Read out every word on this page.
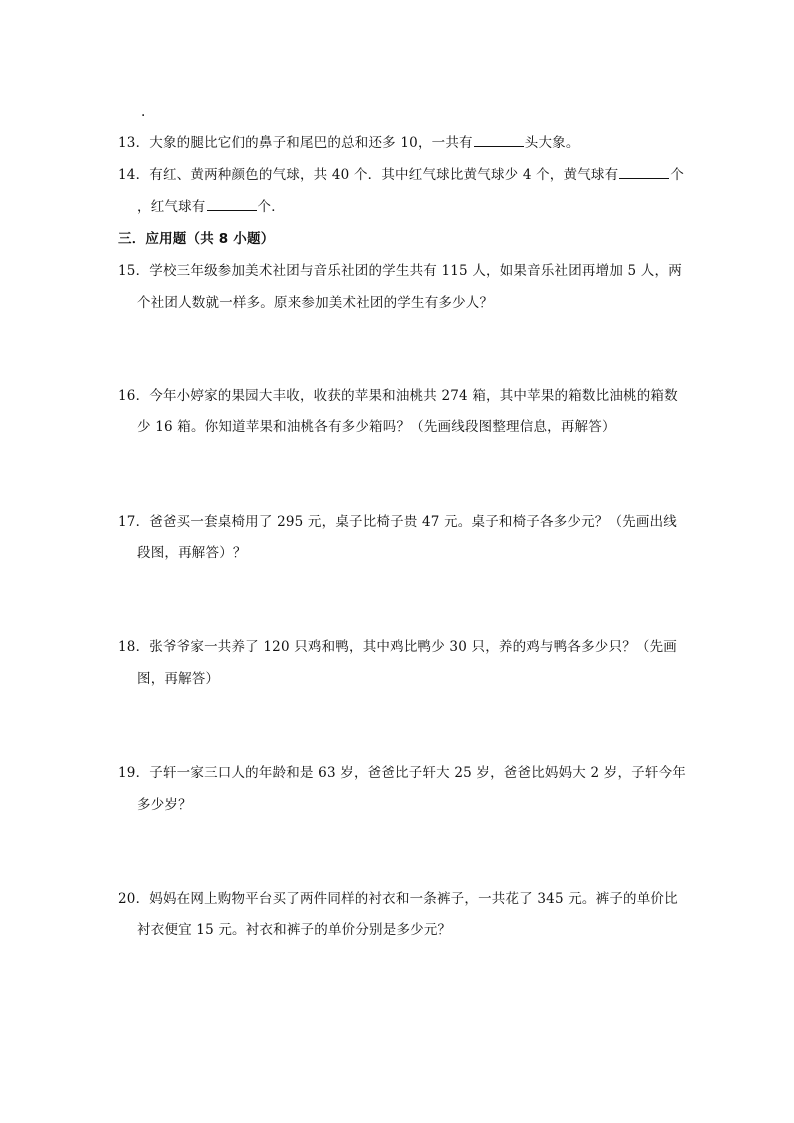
.
13．大象的腿比它们的鼻子和尾巴的总和还多 10，一共有	头大象。
14．有红、黄两种颜色的气球，共 40 个．其中红气球比黄气球少 4 个，黄气球有	个
，红气球有	个．
三．应用题（共 8 小题）
15．学校三年级参加美术社团与音乐社团的学生共有 115 人，如果音乐社团再增加 5 人，两
个社团人数就一样多。原来参加美术社团的学生有多少人？
16．今年小婷家的果园大丰收，收获的苹果和油桃共 274 箱，其中苹果的箱数比油桃的箱数
少 16 箱。你知道苹果和油桃各有多少箱吗？（先画线段图整理信息，再解答）
17．爸爸买一套桌椅用了 295 元，桌子比椅子贵 47 元。桌子和椅子各多少元？（先画出线
段图，再解答）？
18．张爷爷家一共养了 120 只鸡和鸭，其中鸡比鸭少 30 只，养的鸡与鸭各多少只？（先画
图，再解答）
19．子轩一家三口人的年龄和是 63 岁，爸爸比子轩大 25 岁，爸爸比妈妈大 2 岁，子轩今年
多少岁？
20．妈妈在网上购物平台买了两件同样的衬衣和一条裤子，一共花了 345 元。裤子的单价比
衬衣便宜 15 元。衬衣和裤子的单价分别是多少元？
